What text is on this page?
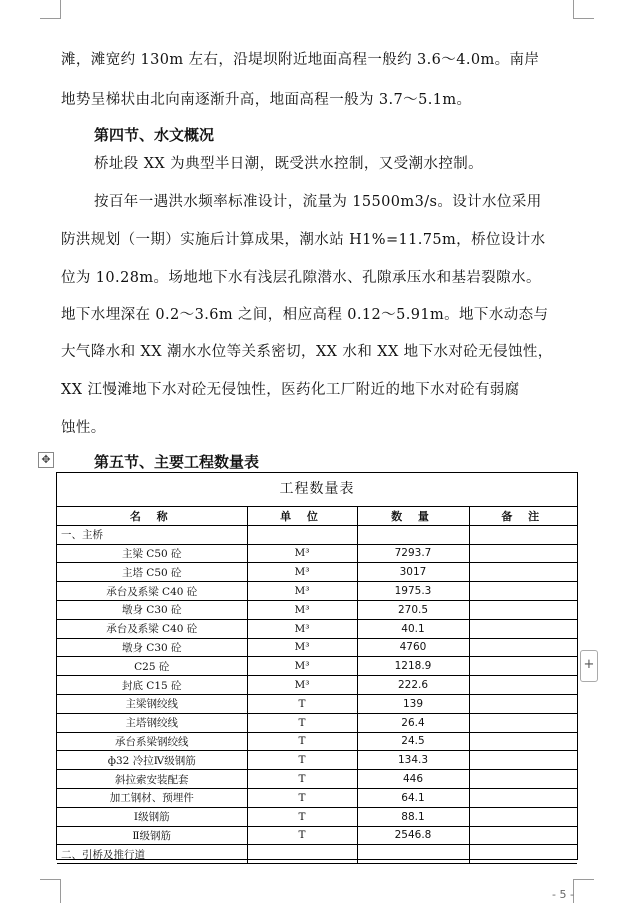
滩，滩宽约 130m 左右，沿堤坝附近地面高程一般约 3.6～4.0m。南岸
地势呈梯状由北向南逐渐升高，地面高程一般为 3.7～5.1m。
第四节、水文概况
桥址段 XX 为典型半日潮，既受洪水控制，又受潮水控制。
按百年一遇洪水频率标准设计，流量为 15500m3/s。设计水位采用
防洪规划（一期）实施后计算成果，潮水站 H1%=11.75m，桥位设计水
位为 10.28m。场地地下水有浅层孔隙潜水、孔隙承压水和基岩裂隙水。
地下水埋深在 0.2～3.6m 之间，相应高程 0.12～5.91m。地下水动态与
大气降水和 XX 潮水水位等关系密切，XX 水和 XX 地下水对砼无侵蚀性，
XX 江慢滩地下水对砼无侵蚀性，医药化工厂附近的地下水对砼有弱腐
蚀性。
✥	第五节、主要工程数量表
工程数量表
名 称	单 位	数 量	备 注
一、主桥			
主梁 C50 砼	M³	7293.7	
主塔 C50 砼	M³	3017	
承台及系梁 C40 砼	M³	1975.3	
墩身 C30 砼	M³	270.5	
承台及系梁 C40 砼	M³	40.1	
墩身 C30 砼	M³	4760	
C25 砼	M³	1218.9	
封底 C15 砼	M³	222.6	
主梁钢绞线	T	139	
主塔钢绞线	T	26.4	
承台系梁钢绞线	T	24.5	
ф32 冷拉Ⅳ级钢筋	T	134.3	
斜拉索安装配套	T	446	
加工钢材、预埋件	T	64.1	
Ⅰ级钢筋	T	88.1	
Ⅱ级钢筋	T	2546.8	
二、引桥及推行道			
+
- 5 -
